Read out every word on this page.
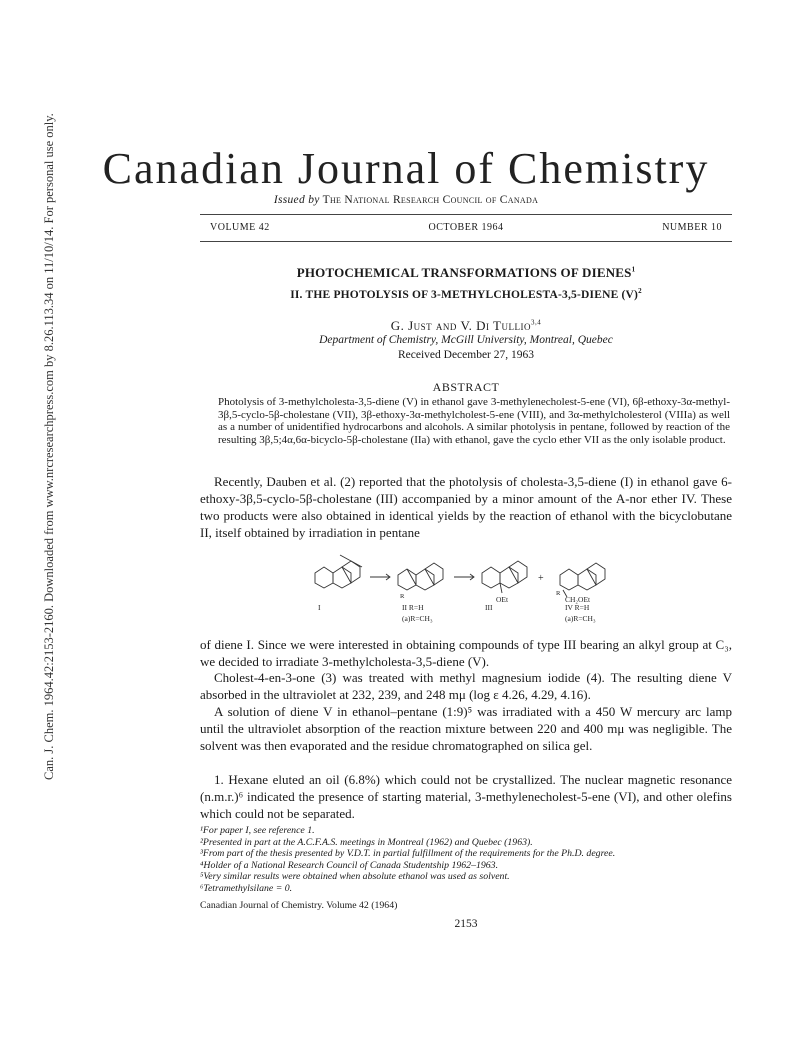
Can. J. Chem. 1964.42:2153-2160. Downloaded from www.nrcresearchpress.com by 8.26.113.34 on 11/10/14. For personal use only.	Canadian Journal of Chemistry
Issued by The National Research Council of Canada
VOLUME 42	OCTOBER 1964	NUMBER 10
PHOTOCHEMICAL TRANSFORMATIONS OF DIENES$^1$
II. THE PHOTOLYSIS OF 3-METHYLCHOLESTA-3,5-DIENE $(V)^2$
G. Just and V. Di Tullio$^{3,4}$
Department of Chemistry, McGill University, Montreal, Quebec
Received December 27, 1963
ABSTRACT
Photolysis of 3-methylcholesta-3,5-diene (V) in ethanol gave 3-methylenecholest-5-ene (VI), 6β-ethoxy-3α-methyl-3β,5-cyclo-5β-cholestane (VII), 3β-ethoxy-3α-methylcholest-5-ene (VIII), and 3α-methylcholesterol (VIIIa) as well as a number of unidentified hydrocarbons and alcohols. A similar photolysis in pentane, followed by reaction of the resulting 3β,5;4α,6α-bicyclo-5β-cholestane (IIa) with ethanol, gave the cyclo ether VII as the only isolable product.
Recently, Dauben et al. (2) reported that the photolysis of cholesta-3,5-diene (I) in ethanol gave 6-ethoxy-3β,5-cyclo-5β-cholestane (III) accompanied by a minor amount of the A-nor ether IV. These two products were also obtained in identical yields by the reaction of ethanol with the bicyclobutane II, itself obtained by irradiation in pentane
I
R
II R=H
(a)R=CH₃
OEt
III
+
R
CH₂OEt
IV R=H
(a)R=CH₃
of diene I. Since we were interested in obtaining compounds of type III bearing an alkyl group at C₃, we decided to irradiate 3-methylcholesta-3,5-diene (V).
Cholest-4-en-3-one (3) was treated with methyl magnesium iodide (4). The resulting diene V absorbed in the ultraviolet at 232, 239, and 248 mμ (log ε 4.26, 4.29, 4.16).
A solution of diene V in ethanol–pentane (1:9)⁵ was irradiated with a 450 W mercury arc lamp until the ultraviolet absorption of the reaction mixture between 220 and 400 mμ was negligible. The solvent was then evaporated and the residue chromatographed on silica gel.
1. Hexane eluted an oil (6.8%) which could not be crystallized. The nuclear magnetic resonance (n.m.r.)⁶ indicated the presence of starting material, 3-methylenecholest-5-ene (VI), and other olefins which could not be separated.
¹For paper I, see reference 1.
²Presented in part at the A.C.F.A.S. meetings in Montreal (1962) and Quebec (1963).
³From part of the thesis presented by V.D.T. in partial fulfillment of the requirements for the Ph.D. degree.
⁴Holder of a National Research Council of Canada Studentship 1962–1963.
⁵Very similar results were obtained when absolute ethanol was used as solvent.
⁶Tetramethylsilane = 0.
Canadian Journal of Chemistry. Volume 42 (1964)
2153
